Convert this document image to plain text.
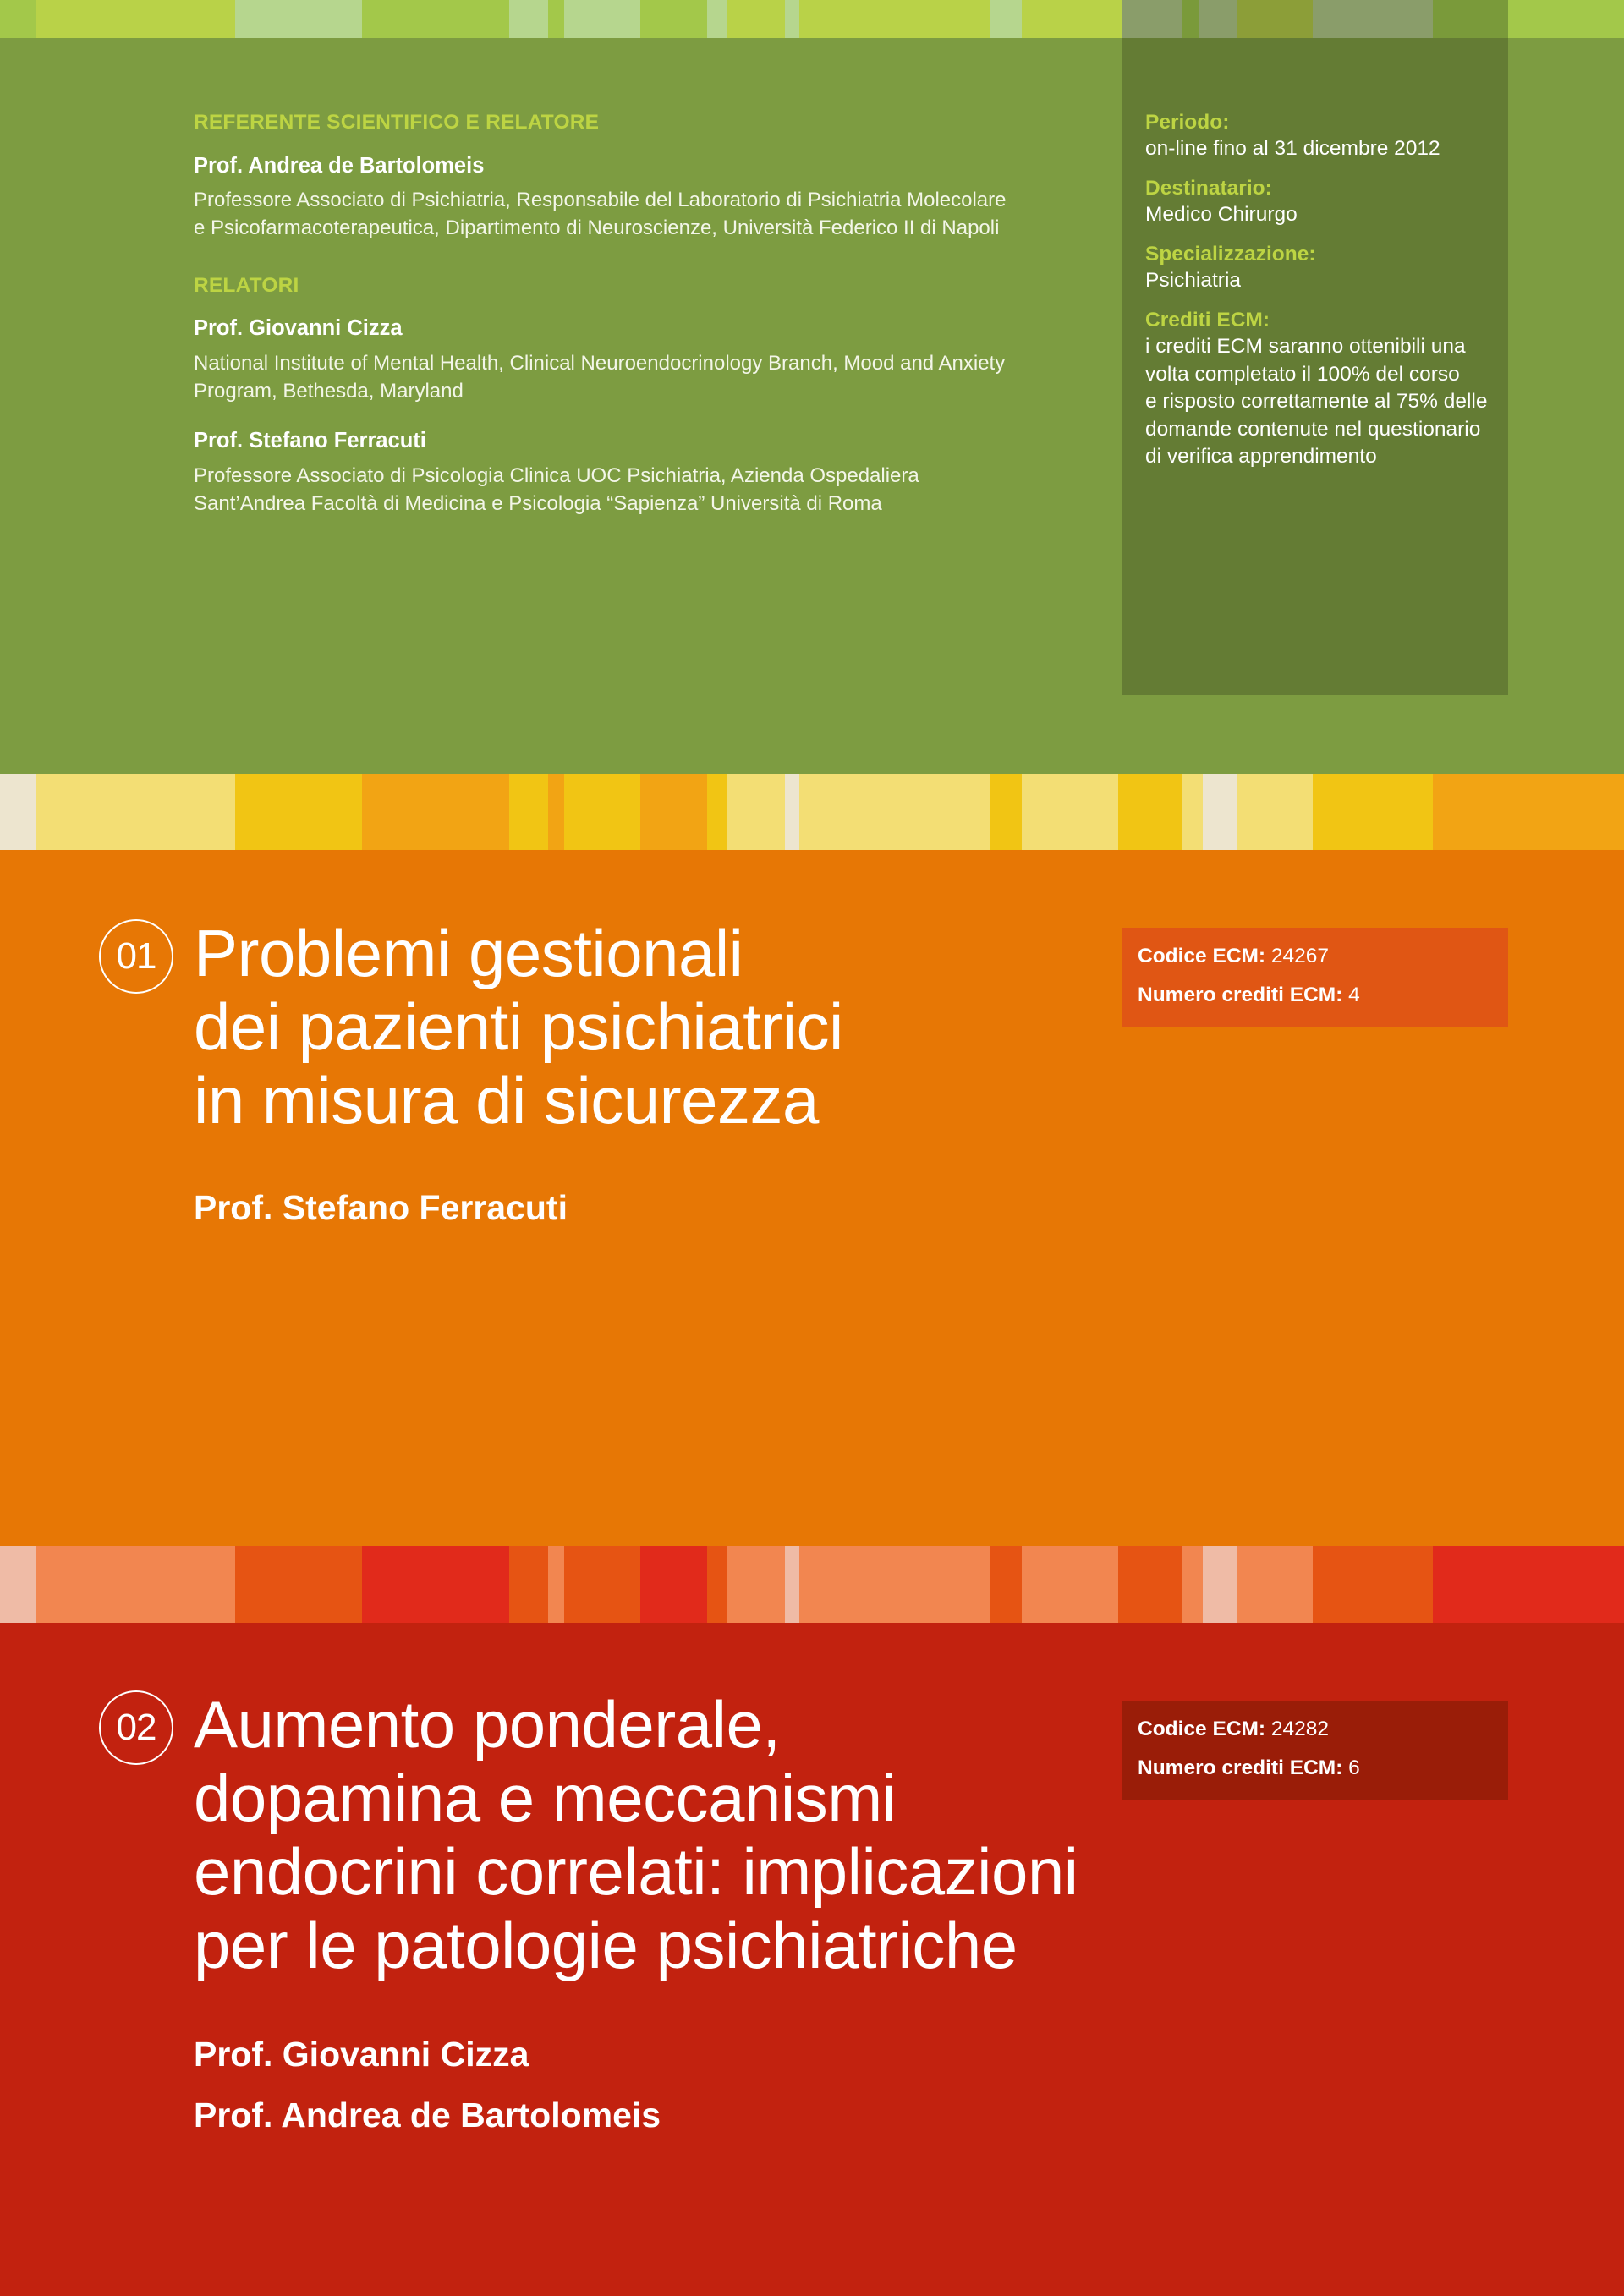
REFERENTE SCIENTIFICO E RELATORE
Prof. Andrea de Bartolomeis
Professore Associato di Psichiatria, Responsabile del Laboratorio di Psichiatria Molecolare
e Psicofarmacoterapeutica, Dipartimento di Neuroscienze, Università Federico II di Napoli
RELATORI
Prof. Giovanni Cizza
National Institute of Mental Health, Clinical Neuroendocrinology Branch, Mood and Anxiety
Program, Bethesda, Maryland
Prof. Stefano Ferracuti
Professore Associato di Psicologia Clinica UOC Psichiatria, Azienda Ospedaliera
Sant’Andrea Facoltà di Medicina e Psicologia “Sapienza” Università di Roma
Periodo:
on-line fino al 31 dicembre 2012
Destinatario:
Medico Chirurgo
Specializzazione:
Psichiatria
Crediti ECM:
i crediti ECM saranno ottenibili una
volta completato il 100% del corso
e risposto correttamente al 75% delle
domande contenute nel questionario
di verifica apprendimento
01 Problemi gestionali
dei pazienti psichiatrici
in misura di sicurezza
Prof. Stefano Ferracuti
Codice ECM: 24267
Numero crediti ECM: 4
02 Aumento ponderale,
dopamina e meccanismi
endocrini correlati: implicazioni
per le patologie psichiatriche
Prof. Giovanni Cizza
Prof. Andrea de Bartolomeis
Codice ECM: 24282
Numero crediti ECM: 6
